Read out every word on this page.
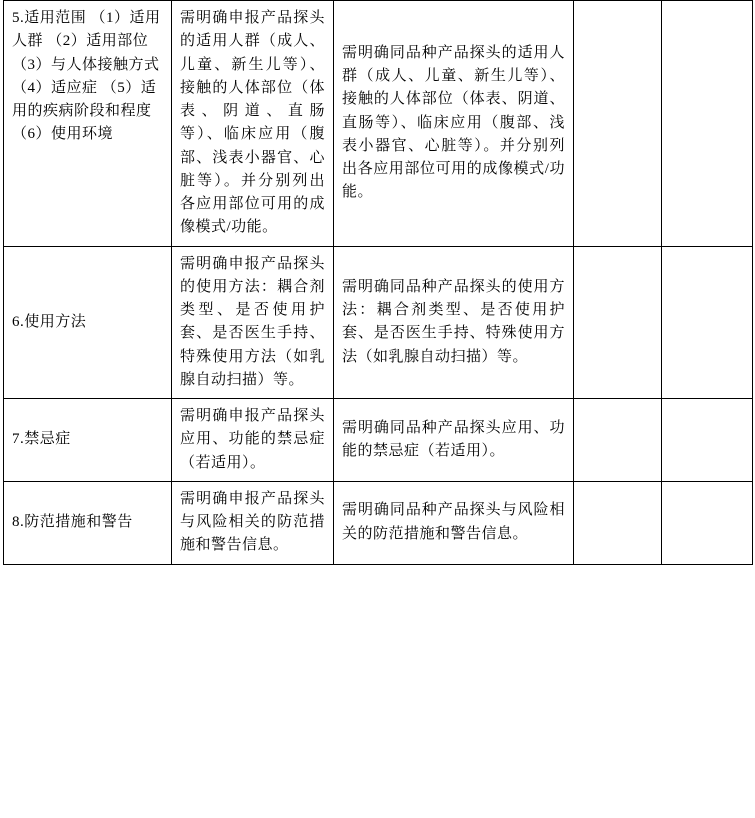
5.适用范围 （1）适用人群 （2）适用部位 （3）与人体接触方式 （4）适应症 （5）适用的疾病阶段和程度 （6）使用环境	需明确申报产品探头的适用人群（成人、儿童、新生儿等）、接触的人体部位（体表、阴道、直肠等）、临床应用（腹部、浅表小器官、心脏等）。并分别列出各应用部位可用的成像模式/功能。	需明确同品种产品探头的适用人群（成人、儿童、新生儿等）、接触的人体部位（体表、阴道、直肠等）、临床应用（腹部、浅表小器官、心脏等）。并分别列出各应用部位可用的成像模式/功能。		
6.使用方法	需明确申报产品探头的使用方法：耦合剂类型、是否使用护套、是否医生手持、特殊使用方法（如乳腺自动扫描）等。	需明确同品种产品探头的使用方法：耦合剂类型、是否使用护套、是否医生手持、特殊使用方法（如乳腺自动扫描）等。		
7.禁忌症	需明确申报产品探头应用、功能的禁忌症（若适用）。	需明确同品种产品探头应用、功能的禁忌症（若适用）。		
8.防范措施和警告	需明确申报产品探头与风险相关的防范措施和警告信息。	需明确同品种产品探头与风险相关的防范措施和警告信息。		
